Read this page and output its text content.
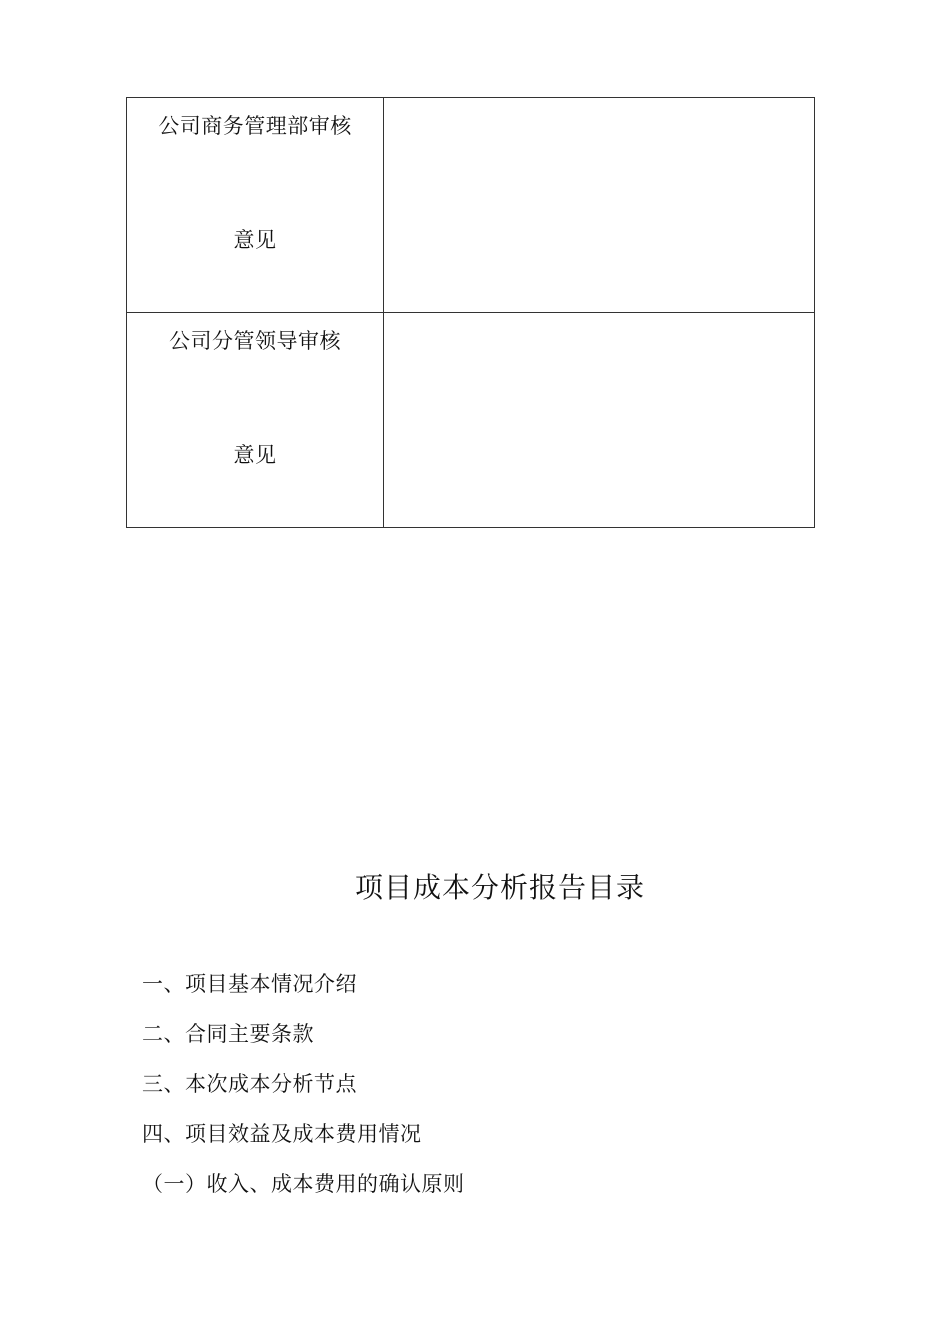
公司商务管理部审核
意见	

公司分管领导审核
意见	

项目成本分析报告目录
一、项目基本情况介绍
二、合同主要条款
三、本次成本分析节点
四、项目效益及成本费用情况
（一）收入、成本费用的确认原则
